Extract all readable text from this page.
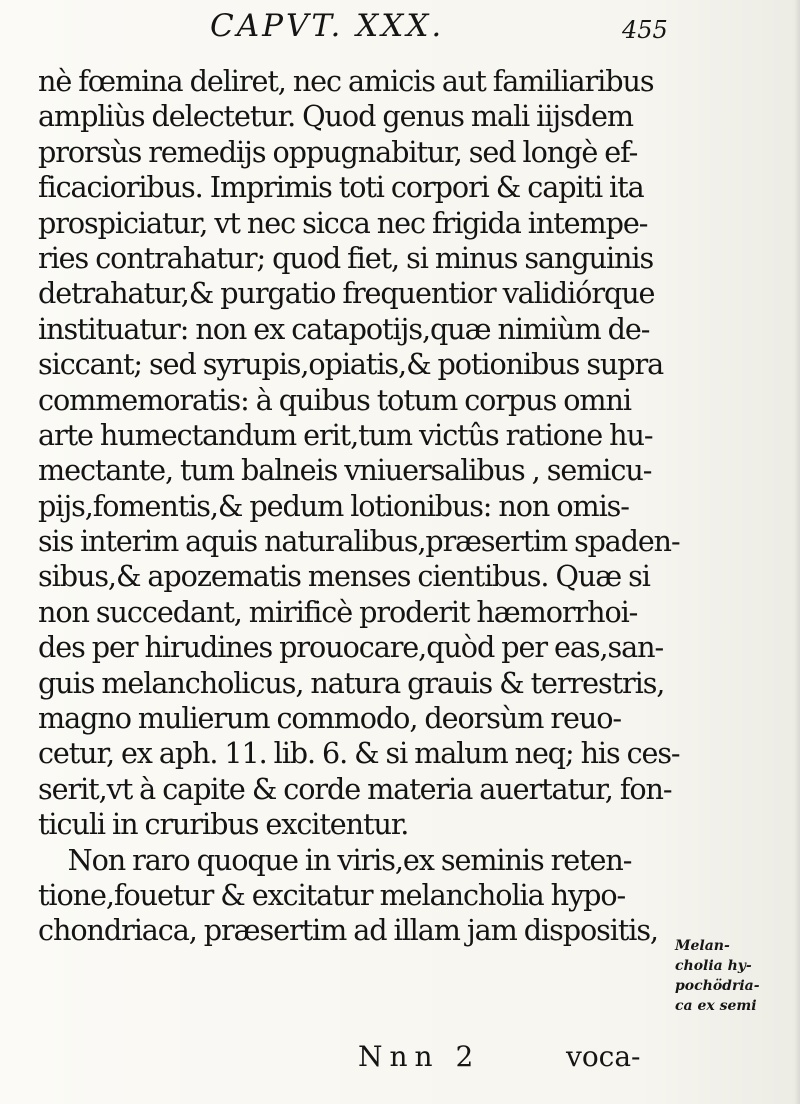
CAPVT. XXX.	455
nè fœmina deliret, nec amicis aut familiaribus
ampliùs delectetur. Quod genus mali iijsdem
prorsùs remedijs oppugnabitur, sed longè ef-
ficacioribus. Imprimis toti corpori & capiti ita
prospiciatur, vt nec sicca nec frigida intempe-
ries contrahatur; quod fiet, si minus sanguinis
detrahatur,& purgatio frequentior validiórque
instituatur: non ex catapotijs,quæ nimiùm de-
siccant; sed syrupis,opiatis,& potionibus supra
commemoratis: à quibus totum corpus omni
arte humectandum erit,tum victûs ratione hu-
mectante, tum balneis vniuersalibus , semicu-
pijs,fomentis,& pedum lotionibus: non omis-
sis interim aquis naturalibus,præsertim spaden-
sibus,& apozematis menses cientibus. Quæ si
non succedant, mirificè proderit hæmorrhoi-
des per hirudines prouocare,quòd per eas,san-
guis melancholicus, natura grauis & terrestris,
magno mulierum commodo, deorsùm reuo-
cetur, ex aph. 11. lib. 6. & si malum neq; his ces-
serit,vt à capite & corde materia auertatur, fon-
ticuli in cruribus excitentur.
Non raro quoque in viris,ex seminis reten-
tione,fouetur & excitatur melancholia hypo-
chondriaca, præsertim ad illam jam dispositis,	Melan-
cholia hy-
pochödria-
ca ex semi
Nnn 2	voca-
